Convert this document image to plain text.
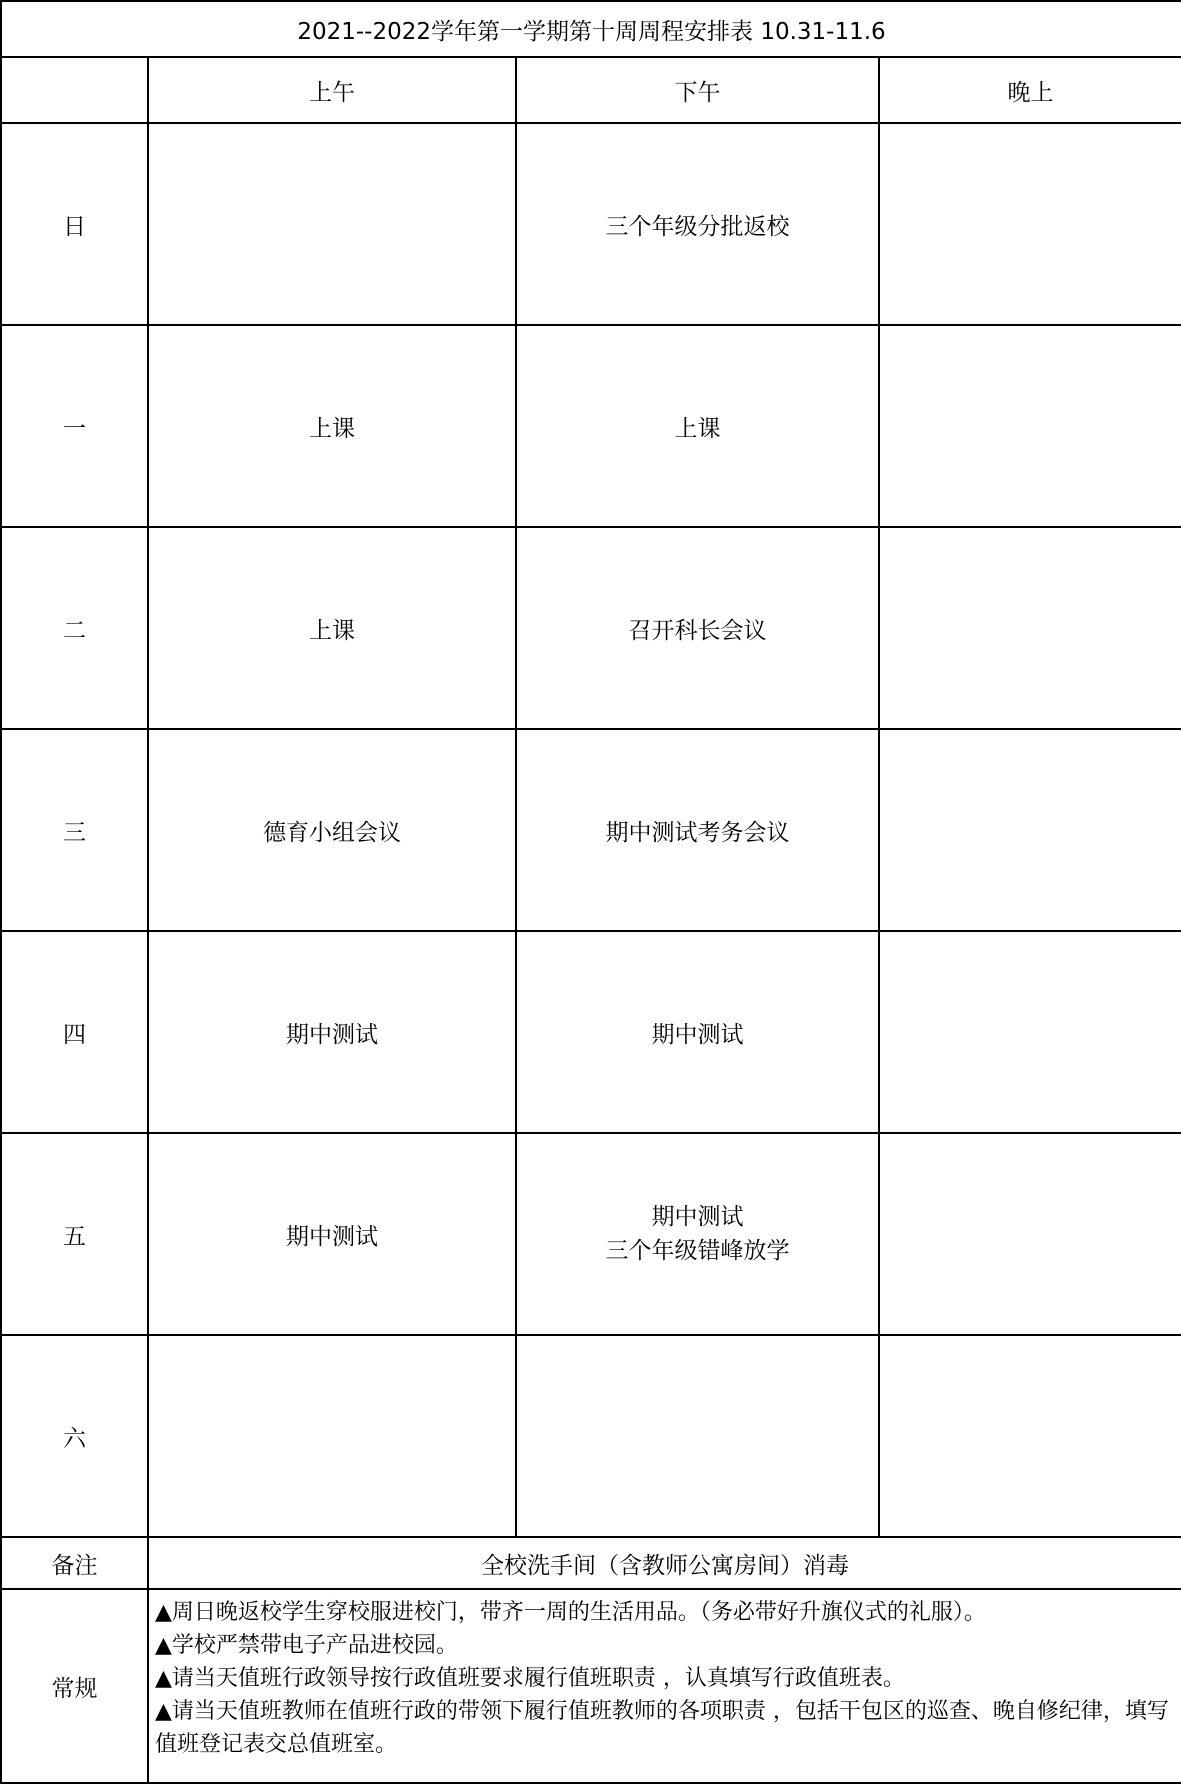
2021--2022学年第一学期第十周周程安排表 10.31-11.6			
	上午	下午	晚上
日		三个年级分批返校	

一	上课	上课	

二	上课	召开科长会议	

三	德育小组会议	期中测试考务会议	

四	期中测试	期中测试	

五	期中测试	期中测试
三个年级错峰放学	

六		

备注	全校洗手间（含教师公寓房间）消毒		
常规	▲周日晚返校学生穿校服进校门，带齐一周的生活用品。（务必带好升旗仪式的礼服）。
▲学校严禁带电子产品进校园。
▲请当天值班行政领导按行政值班要求履行值班职责 ，认真填写行政值班表。
▲请当天值班教师在值班行政的带领下履行值班教师的各项职责 ，包括干包区的巡查、晚自修纪律，填写值班登记表交总值班室。		
